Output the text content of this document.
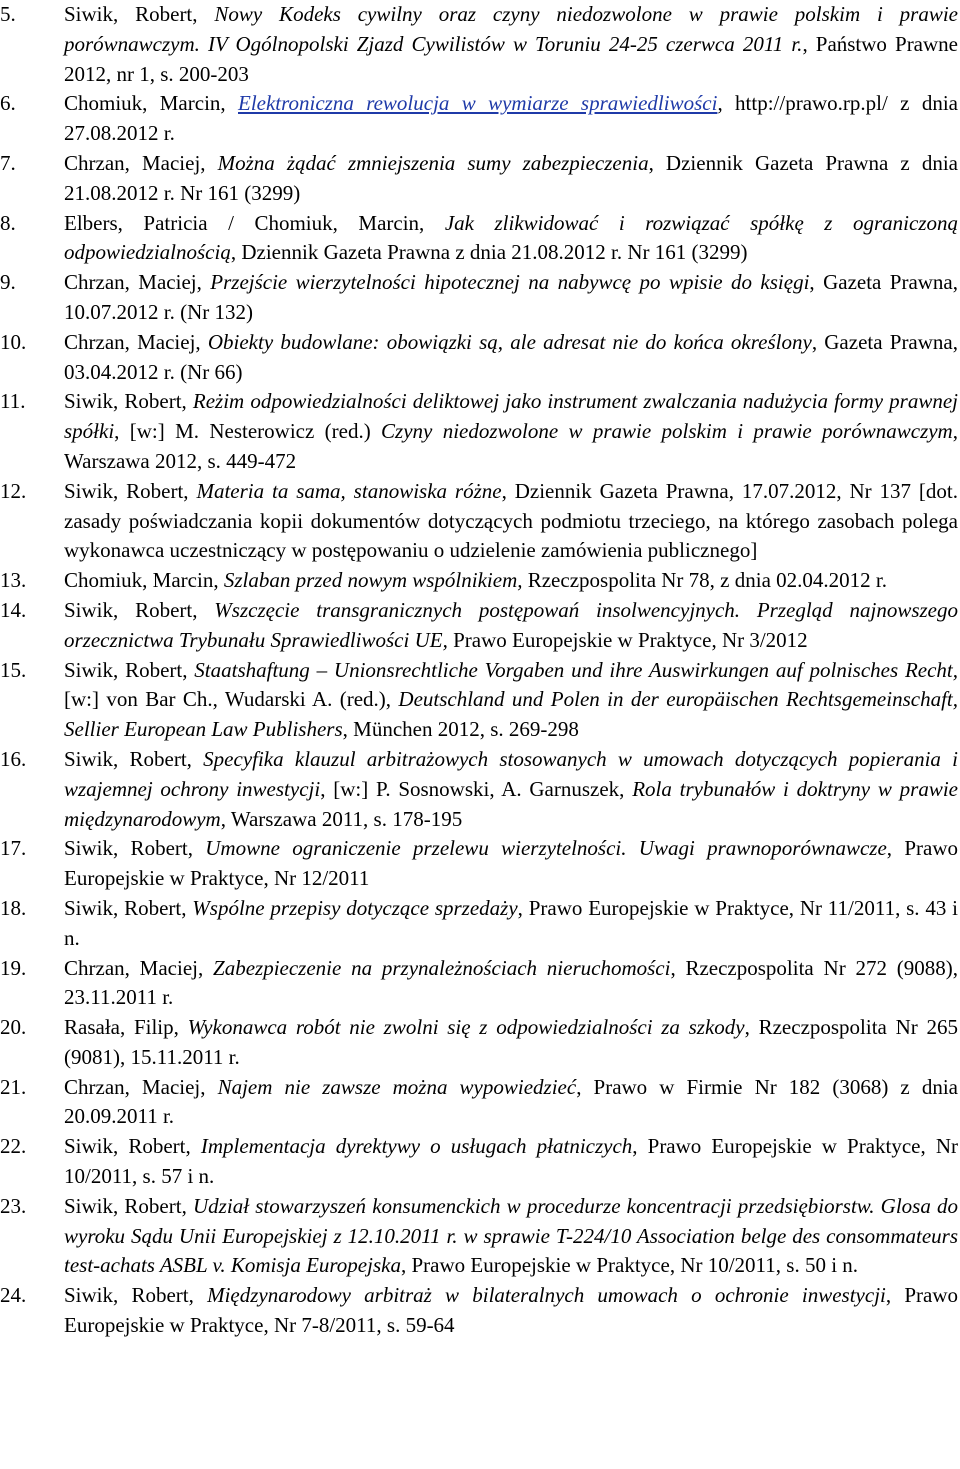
5.	Siwik, Robert, Nowy Kodeks cywilny oraz czyny niedozwolone w prawie polskim i prawie porównawczym. IV Ogólnopolski Zjazd Cywilistów w Toruniu 24-25 czerwca 2011 r., Państwo Prawne 2012, nr 1, s. 200-203
6.	Chomiuk, Marcin, Elektroniczna rewolucja w wymiarze sprawiedliwości, http://prawo.rp.pl/ z dnia 27.08.2012 r.
7.	Chrzan, Maciej, Można żądać zmniejszenia sumy zabezpieczenia, Dziennik Gazeta Prawna z dnia 21.08.2012 r. Nr 161 (3299)
8.	Elbers, Patricia / Chomiuk, Marcin, Jak zlikwidować i rozwiązać spółkę z ograniczoną odpowiedzialnością, Dziennik Gazeta Prawna z dnia 21.08.2012 r. Nr 161 (3299)
9.	Chrzan, Maciej, Przejście wierzytelności hipotecznej na nabywcę po wpisie do księgi, Gazeta Prawna, 10.07.2012 r. (Nr 132)
10.	Chrzan, Maciej, Obiekty budowlane: obowiązki są, ale adresat nie do końca określony, Gazeta Prawna, 03.04.2012 r. (Nr 66)
11.	Siwik, Robert, Reżim odpowiedzialności deliktowej jako instrument zwalczania nadużycia formy prawnej spółki, [w:] M. Nesterowicz (red.) Czyny niedozwolone w prawie polskim i prawie porównawczym, Warszawa 2012, s. 449-472
12.	Siwik, Robert, Materia ta sama, stanowiska różne, Dziennik Gazeta Prawna, 17.07.2012, Nr 137 [dot. zasady poświadczania kopii dokumentów dotyczących podmiotu trzeciego, na którego zasobach polega wykonawca uczestniczący w postępowaniu o udzielenie zamówienia publicznego]
13.	Chomiuk, Marcin, Szlaban przed nowym wspólnikiem, Rzeczpospolita Nr 78, z dnia 02.04.2012 r.
14.	Siwik, Robert, Wszczęcie transgranicznych postępowań insolwencyjnych. Przegląd najnowszego orzecznictwa Trybunału Sprawiedliwości UE, Prawo Europejskie w Praktyce, Nr 3/2012
15.	Siwik, Robert, Staatshaftung – Unionsrechtliche Vorgaben und ihre Auswirkungen auf polnisches Recht, [w:] von Bar Ch., Wudarski A. (red.), Deutschland und Polen in der europäischen Rechtsgemeinschaft, Sellier European Law Publishers, München 2012, s. 269-298
16.	Siwik, Robert, Specyfika klauzul arbitrażowych stosowanych w umowach dotyczących popierania i wzajemnej ochrony inwestycji, [w:] P. Sosnowski, A. Garnuszek, Rola trybunałów i doktryny w prawie międzynarodowym, Warszawa 2011, s. 178-195
17.	Siwik, Robert, Umowne ograniczenie przelewu wierzytelności. Uwagi prawnoporównawcze, Prawo Europejskie w Praktyce, Nr 12/2011
18.	Siwik, Robert, Wspólne przepisy dotyczące sprzedaży, Prawo Europejskie w Praktyce, Nr 11/2011, s. 43 i n.
19.	Chrzan, Maciej, Zabezpieczenie na przynależnościach nieruchomości, Rzeczpospolita Nr 272 (9088), 23.11.2011 r.
20.	Rasała, Filip, Wykonawca robót nie zwolni się z odpowiedzialności za szkody, Rzeczpospolita Nr 265 (9081), 15.11.2011 r.
21.	Chrzan, Maciej, Najem nie zawsze można wypowiedzieć, Prawo w Firmie Nr 182 (3068) z dnia 20.09.2011 r.
22.	Siwik, Robert, Implementacja dyrektywy o usługach płatniczych, Prawo Europejskie w Praktyce, Nr 10/2011, s. 57 i n.
23.	Siwik, Robert, Udział stowarzyszeń konsumenckich w procedurze koncentracji przedsiębiorstw. Glosa do wyroku Sądu Unii Europejskiej z 12.10.2011 r. w sprawie T-224/10 Association belge des consommateurs test-achats ASBL v. Komisja Europejska, Prawo Europejskie w Praktyce, Nr 10/2011, s. 50 i n.
24.	Siwik, Robert, Międzynarodowy arbitraż w bilateralnych umowach o ochronie inwestycji, Prawo Europejskie w Praktyce, Nr 7-8/2011, s. 59-64
